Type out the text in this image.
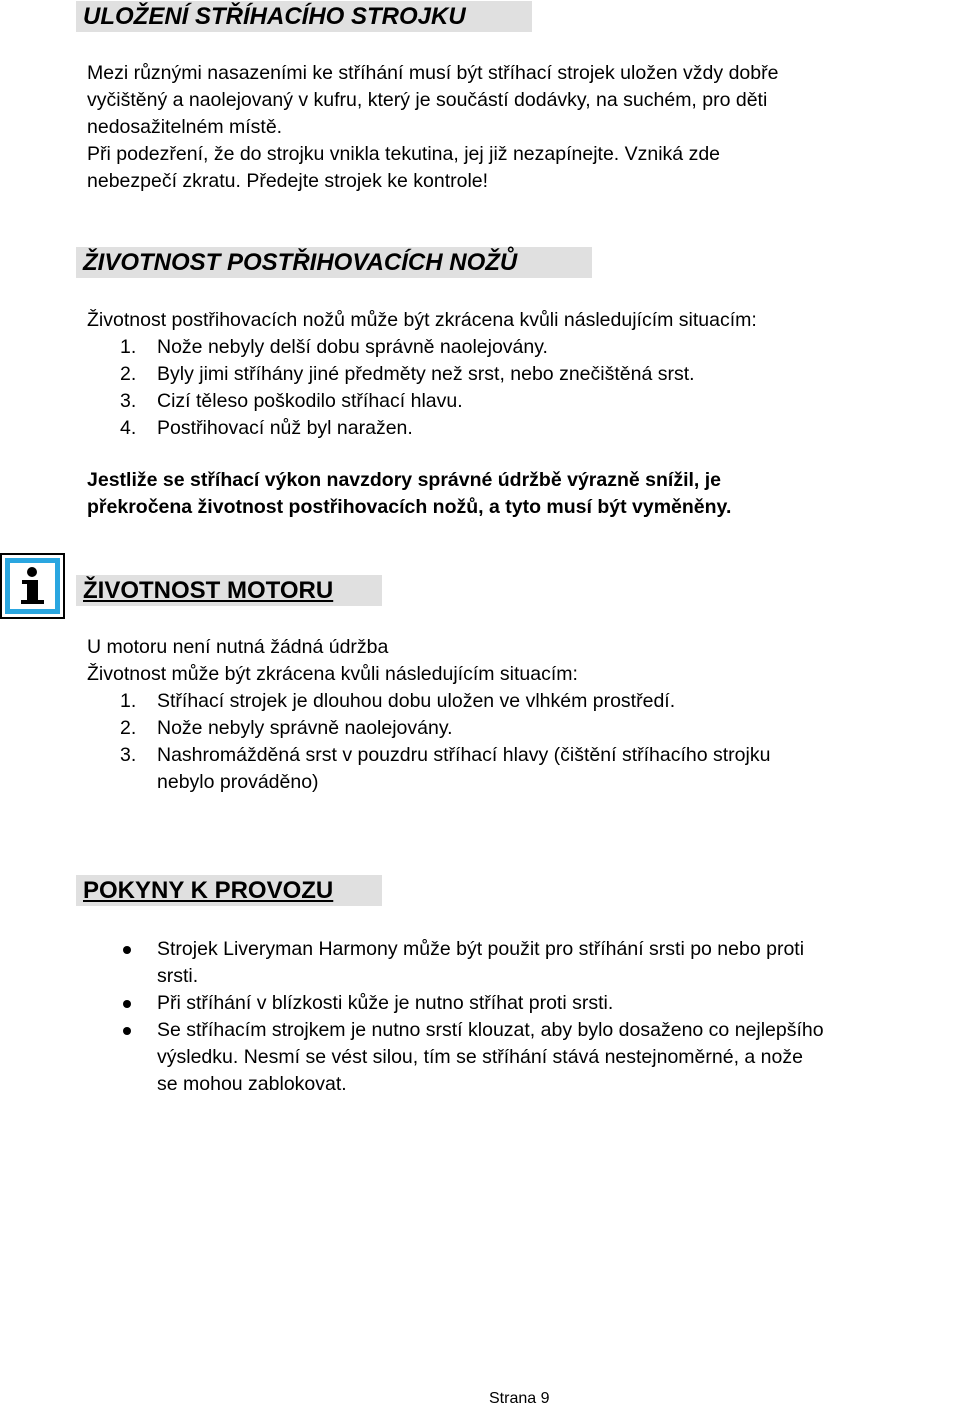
ULOŽENÍ STŘÍHACÍHO STROJKU
Mezi různými nasazeními ke stříhání musí být stříhací strojek uložen vždy dobře
vyčištěný a naolejovaný v kufru, který je součástí dodávky, na suchém, pro děti
nedosažitelném místě.
Při podezření, že do strojku vnikla tekutina, jej již nezapínejte. Vzniká zde
nebezpečí zkratu. Předejte strojek ke kontrole!
ŽIVOTNOST POSTŘIHOVACÍCH NOŽŮ

Životnost postřihovacích nožů může být zkrácena kvůli následujícím situacím:

1. Nože nebyly delší dobu správně naolejovány.
2. Byly jimi stříhány jiné předměty než srst, nebo znečištěná srst.
3. Cizí těleso poškodilo stříhací hlavu.
4. Postřihovací nůž byl naražen.
Jestliže se stříhací výkon navzdory správné údržbě výrazně snížil, je
překročena životnost postřihovacích nožů, a tyto musí být vyměněny.
ŽIVOTNOST MOTORU
U motoru není nutná žádná údržba
Životnost může být zkrácena kvůli následujícím situacím:
1. Stříhací strojek je dlouhou dobu uložen ve vlhkém prostředí.
2. Nože nebyly správně naolejovány.
3. Nashromážděná srst v pouzdru stříhací hlavy (čištění stříhacího strojku
nebylo prováděno)
POKYNY K PROVOZU
Strojek Liveryman Harmony může být použit pro stříhání srsti po nebo proti
srsti.
Při stříhání v blízkosti kůže je nutno stříhat proti srsti.
Se stříhacím strojkem je nutno srstí klouzat, aby bylo dosaženo co nejlepšího
výsledku. Nesmí se vést silou, tím se stříhání stává nestejnoměrné, a nože
se mohou zablokovat.
Strana 9
